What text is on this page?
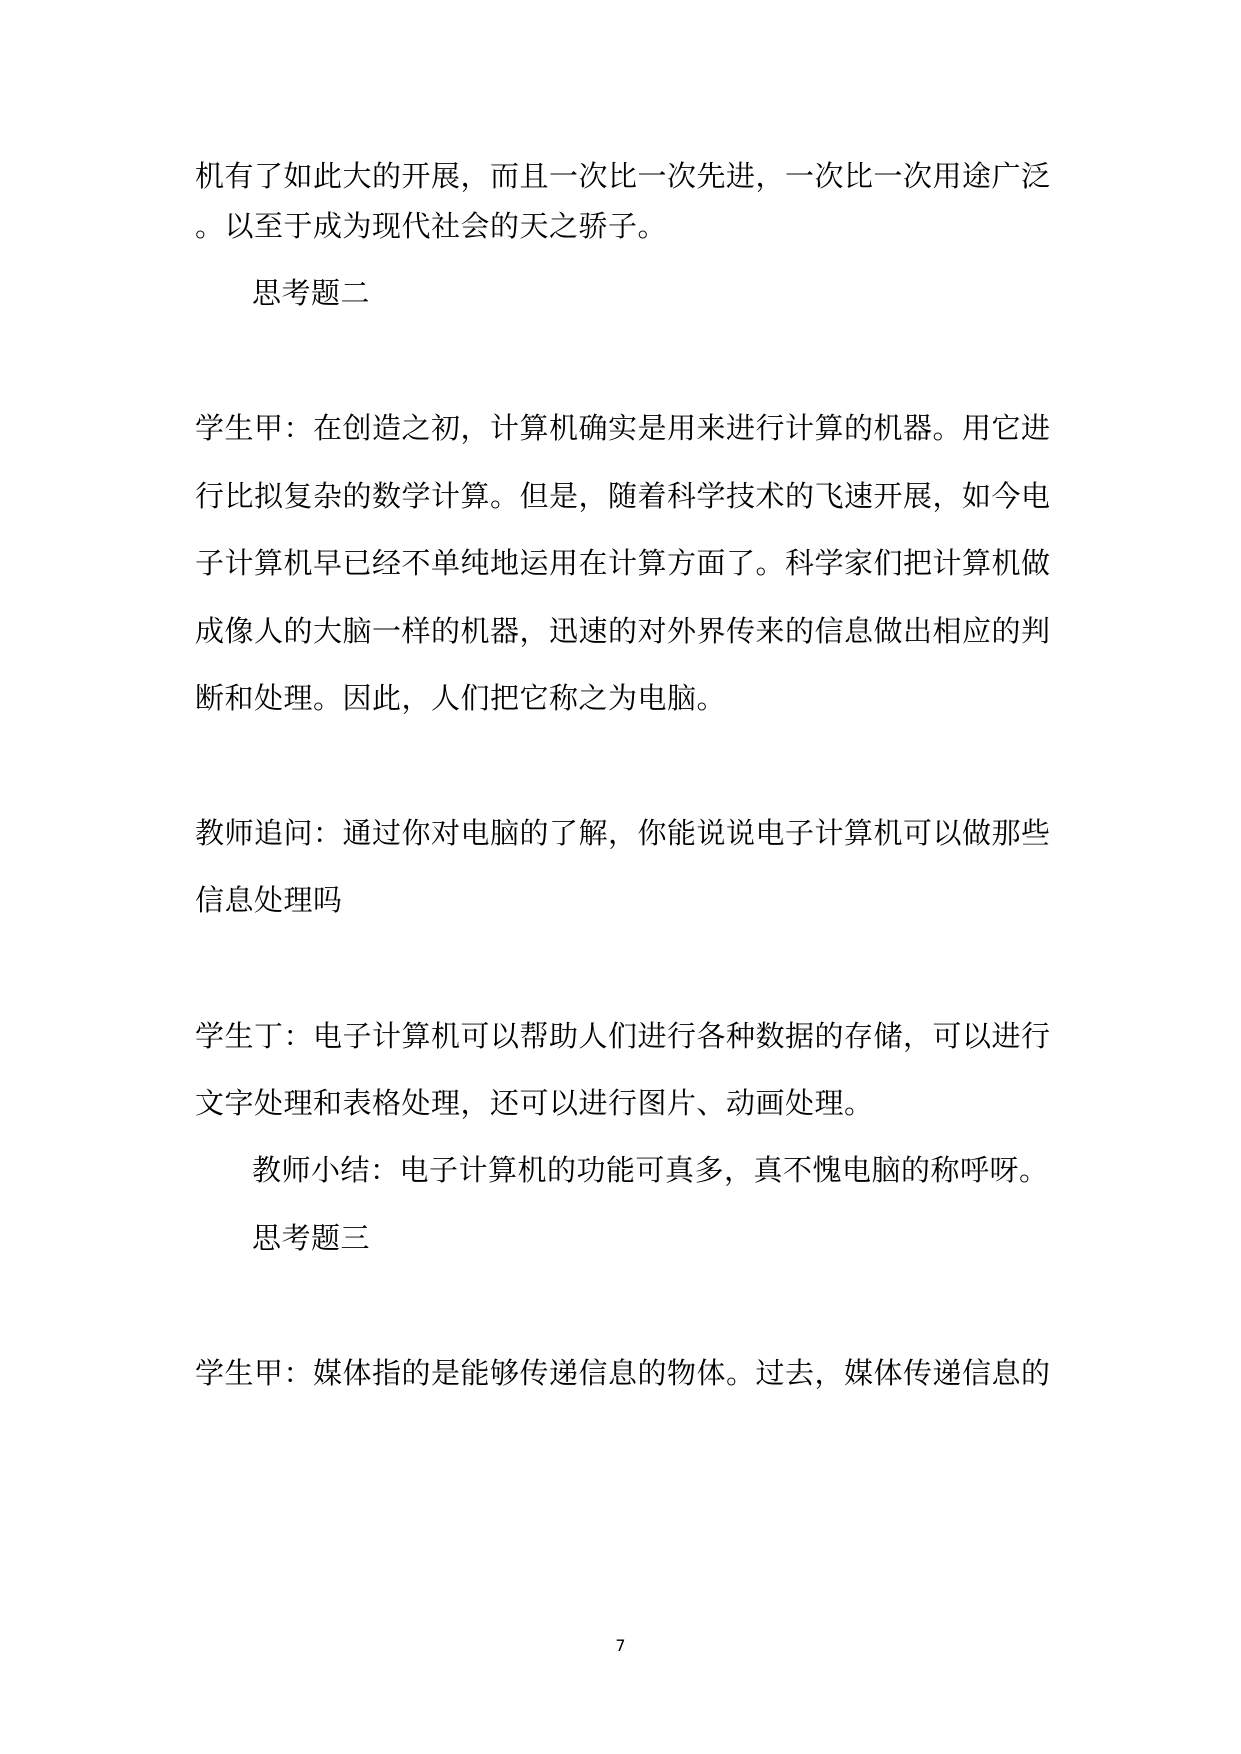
机有了如此大的开展，而且一次比一次先进，一次比一次用途广泛
。以至于成为现代社会的天之骄子。
思考题二
学生甲：在创造之初，计算机确实是用来进行计算的机器。用它进
行比拟复杂的数学计算。但是，随着科学技术的飞速开展，如今电
子计算机早已经不单纯地运用在计算方面了。科学家们把计算机做
成像人的大脑一样的机器，迅速的对外界传来的信息做出相应的判
断和处理。因此，人们把它称之为电脑。
教师追问：通过你对电脑的了解，你能说说电子计算机可以做那些
信息处理吗
学生丁：电子计算机可以帮助人们进行各种数据的存储，可以进行
文字处理和表格处理，还可以进行图片、动画处理。
教师小结：电子计算机的功能可真多，真不愧电脑的称呼呀。
思考题三
学生甲：媒体指的是能够传递信息的物体。过去，媒体传递信息的
7
